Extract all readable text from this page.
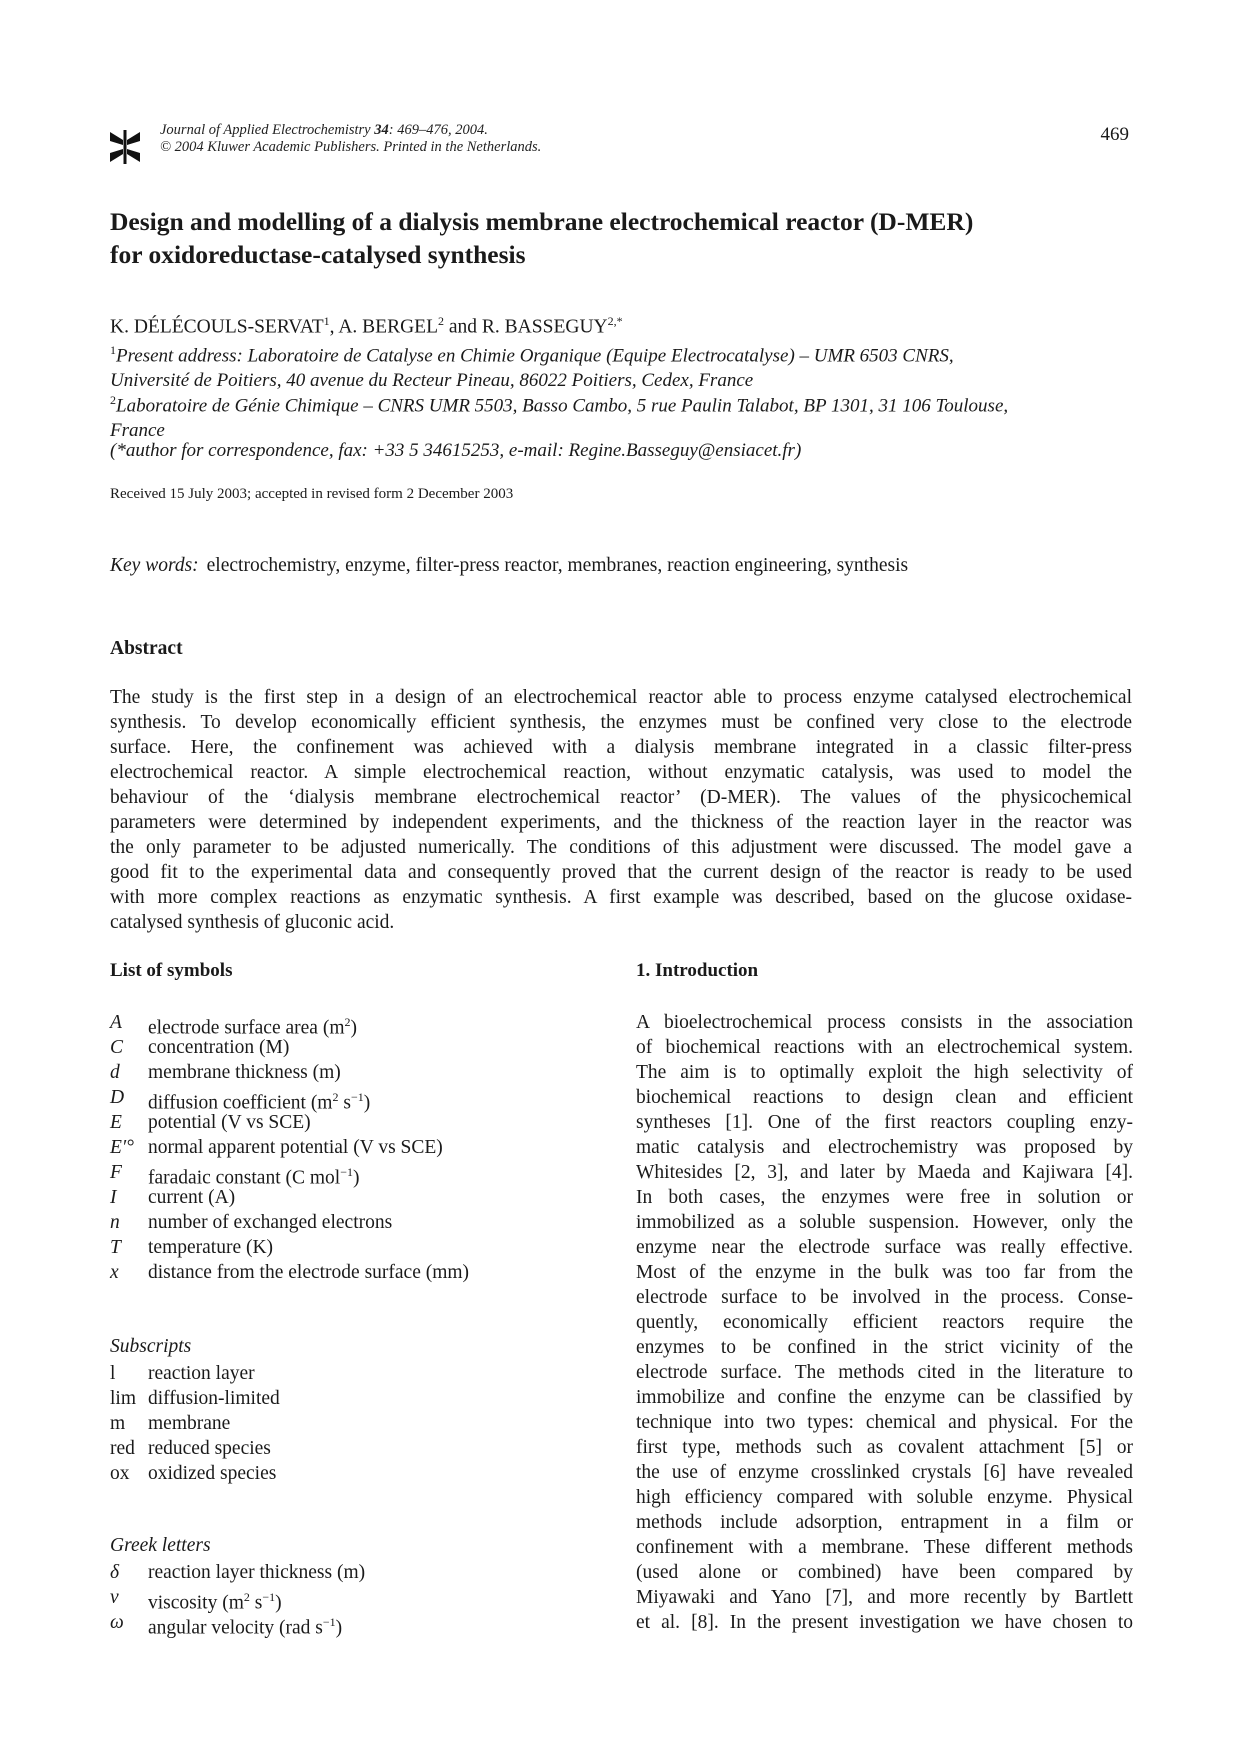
Journal of Applied Electrochemistry 34: 469–476, 2004.
© 2004 Kluwer Academic Publishers. Printed in the Netherlands.
469
Design and modelling of a dialysis membrane electrochemical reactor (D-MER)
for oxidoreductase-catalysed synthesis
K. DÉLÉCOULS-SERVAT$^1$, A. BERGEL$^2$ and R. $BASSEGUY^{2,*}$
$^1$Present address: Laboratoire de Catalyse en Chimie Organique (Equipe Electrocatalyse) – UMR 6503 CNRS,
Université de Poitiers, 40 avenue du Recteur Pineau, 86022 Poitiers, Cedex, France
$^2$Laboratoire de Génie Chimique – CNRS UMR 5503, Basso Cambo, 5 rue Paulin Talabot, BP 1301, 31 106 Toulouse,
France
(*author for correspondence, fax: +33 5 34615253, e-mail: Regine.Basseguy@ensiacet.fr)
Received 15 July 2003; accepted in revised form 2 December 2003
Key words: electrochemistry, enzyme, filter-press reactor, membranes, reaction engineering, synthesis
Abstract
The study is the first step in a design of an electrochemical reactor able to process enzyme catalysed electrochemical
synthesis. To develop economically efficient synthesis, the enzymes must be confined very close to the electrode
surface. Here, the confinement was achieved with a dialysis membrane integrated in a classic filter-press
electrochemical reactor. A simple electrochemical reaction, without enzymatic catalysis, was used to model the
behaviour of the ‘dialysis membrane electrochemical reactor’ (D-MER). The values of the physicochemical
parameters were determined by independent experiments, and the thickness of the reaction layer in the reactor was
the only parameter to be adjusted numerically. The conditions of this adjustment were discussed. The model gave a
good fit to the experimental data and consequently proved that the current design of the reactor is ready to be used
with more complex reactions as enzymatic synthesis. A first example was described, based on the glucose oxidase-
catalysed synthesis of gluconic acid.
List of symbols
A	electrode surface area $(m^2)$
C	concentration (M)
d	membrane thickness (m)
D	diffusion coefficient ($m^2$ $s^{-1}$)
E	potential (V vs SCE)
E′° normal apparent potential (V vs SCE)
F	faradaic constant (C mol$^{-1}$)
I	current (A)
n	number of exchanged electrons
T	temperature (K)
x	distance from the electrode surface (mm)
Subscripts
l	reaction layer
lim diffusion-limited
m	membrane
red reduced species
ox oxidized species
Greek letters
δ	reaction layer thickness (m)
ν	viscosity ($m^2$ $s^{-1}$)
ω	angular velocity (rad $s^{-1}$)
1. Introduction
A bioelectrochemical process consists in the association
of biochemical reactions with an electrochemical system.
The aim is to optimally exploit the high selectivity of
biochemical reactions to design clean and efficient
syntheses [1]. One of the first reactors coupling enzy-
matic catalysis and electrochemistry was proposed by
Whitesides [2, 3], and later by Maeda and Kajiwara [4].
In both cases, the enzymes were free in solution or
immobilized as a soluble suspension. However, only the
enzyme near the electrode surface was really effective.
Most of the enzyme in the bulk was too far from the
electrode surface to be involved in the process. Conse-
quently, economically efficient reactors require the
enzymes to be confined in the strict vicinity of the
electrode surface. The methods cited in the literature to
immobilize and confine the enzyme can be classified by
technique into two types: chemical and physical. For the
first type, methods such as covalent attachment [5] or
the use of enzyme crosslinked crystals [6] have revealed
high efficiency compared with soluble enzyme. Physical
methods include adsorption, entrapment in a film or
confinement with a membrane. These different methods
(used alone or combined) have been compared by
Miyawaki and Yano [7], and more recently by Bartlett
et al. [8]. In the present investigation we have chosen to
